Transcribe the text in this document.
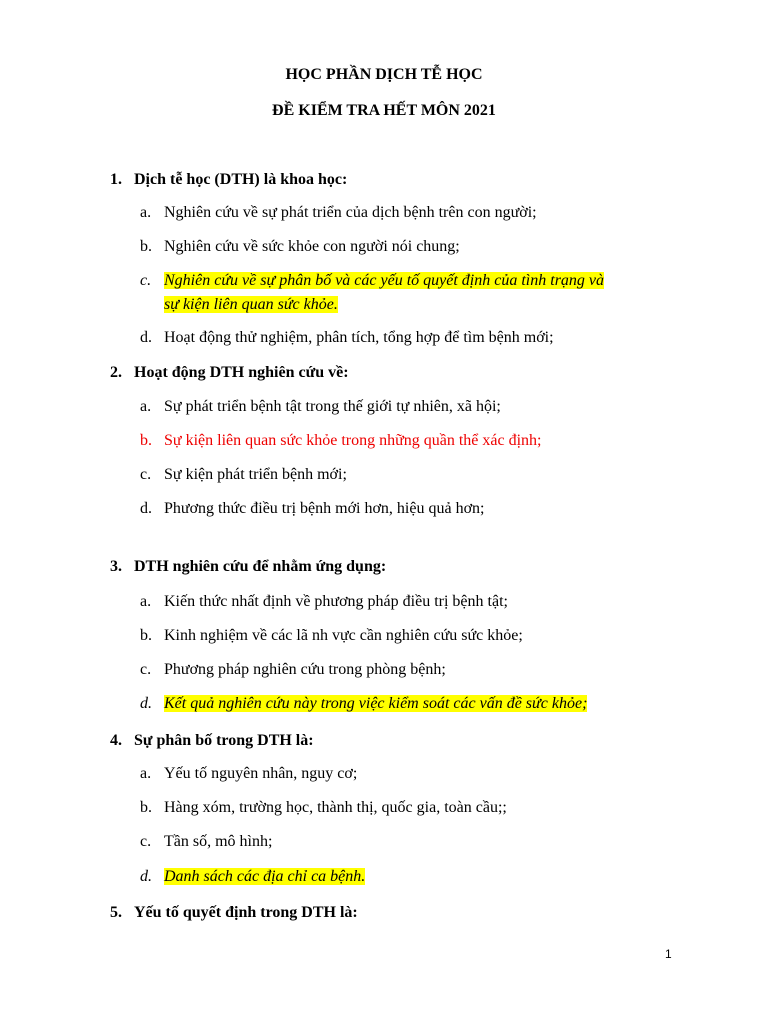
HỌC PHẦN DỊCH TỄ HỌC

ĐỀ KIỂM TRA HẾT MÔN 2021

1. Dịch tễ học (DTH) là khoa học:
a. Nghiên cứu về sự phát triển của dịch bệnh trên con người;
b. Nghiên cứu về sức khỏe con người nói chung;
c. Nghiên cứu về sự phân bố và các yếu tố quyết định của tình trạng và
sự kiện liên quan sức khỏe.
d. Hoạt động thử nghiệm, phân tích, tổng hợp để tìm bệnh mới;
2. Hoạt động DTH nghiên cứu về:
a. Sự phát triển bệnh tật trong thế giới tự nhiên, xã hội;
b. Sự kiện liên quan sức khỏe trong những quần thể xác định;
c. Sự kiện phát triển bệnh mới;
d. Phương thức điều trị bệnh mới hơn, hiệu quả hơn;
3. DTH nghiên cứu để nhằm ứng dụng:
a. Kiến thức nhất định về phương pháp điều trị bệnh tật;
b. Kinh nghiệm về các lã nh vực cần nghiên cứu sức khỏe;
c. Phương pháp nghiên cứu trong phòng bệnh;
d. Kết quả nghiên cứu này trong việc kiểm soát các vấn đề sức khỏe;
4. Sự phân bố trong DTH là:
a. Yếu tố nguyên nhân, nguy cơ;
b. Hàng xóm, trường học, thành thị, quốc gia, toàn cầu;;
c. Tần số, mô hình;
d. Danh sách các địa chỉ ca bệnh.
5. Yếu tố quyết định trong DTH là:
1
